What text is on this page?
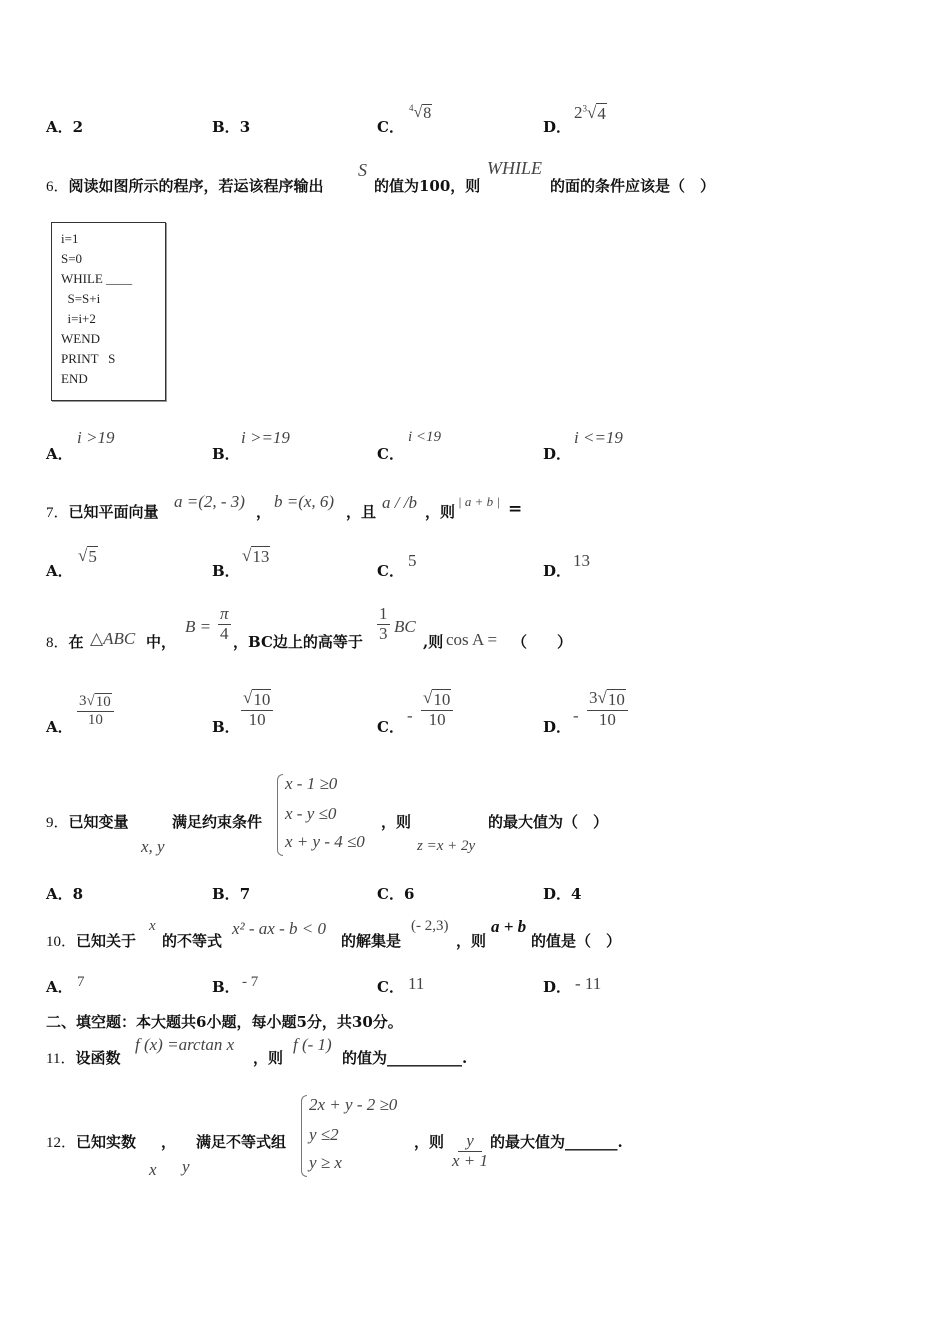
A．2	B．3	C．
$^4$ √ 8
D．
$2^3$ √ 4
6．阅读如图所示的程序，若运该程序输出
S
的值为100，则
WHILE
的面的条件应该是（　）
i=1
S=0
WHILE ____
S=S+i
i=i+2
WEND
PRINT   S
END
A．
i >19
B．
i >=19
C．
i <19
D．
i <=19
7．已知平面向量
a =(2, - 3)
，
b =(x, 6)
，且 a / /b ，则
| a + b | =
A．
√ 5
B．
√ 13
C．
5
D．
13
8．在 △ABC 中，
$B = \frac{\pi}{4}$ ，BC边上的高等于 $\frac{1}{3}$ BC
,则 cos A = （　　）
A． $\frac{3 √ 10}{10}$	B． $\frac{√ 10}{10}$	C．
- $\frac{√ 10}{10}$	D．
- $\frac{3 √ 10}{10}$
9．已知变量
x, y
满足约束条件
x - 1 ≥0
x - y ≤0
x + y - 4 ≤0
，则
z =x + 2y
的最大值为（　）
A．8	B．7	C．6	D．4
10．已知关于
x
的不等式
x² - ax - b < 0
的解集是
(- 2,3)
，则
a + b
的值是（　）
A． 7	B． - 7	C． 11	D． - 11
二、填空题：本大题共6小题，每小题5分，共30分。
11．设函数
f (x) =arctan x
，则
f (- 1)
的值为__________.
12．已知实数
x
，
y
满足不等式组
2x + y - 2 ≥0
y ≤2
y ≥ x
，则 $\frac{y}{x + 1}$ 的最大值为_______.
